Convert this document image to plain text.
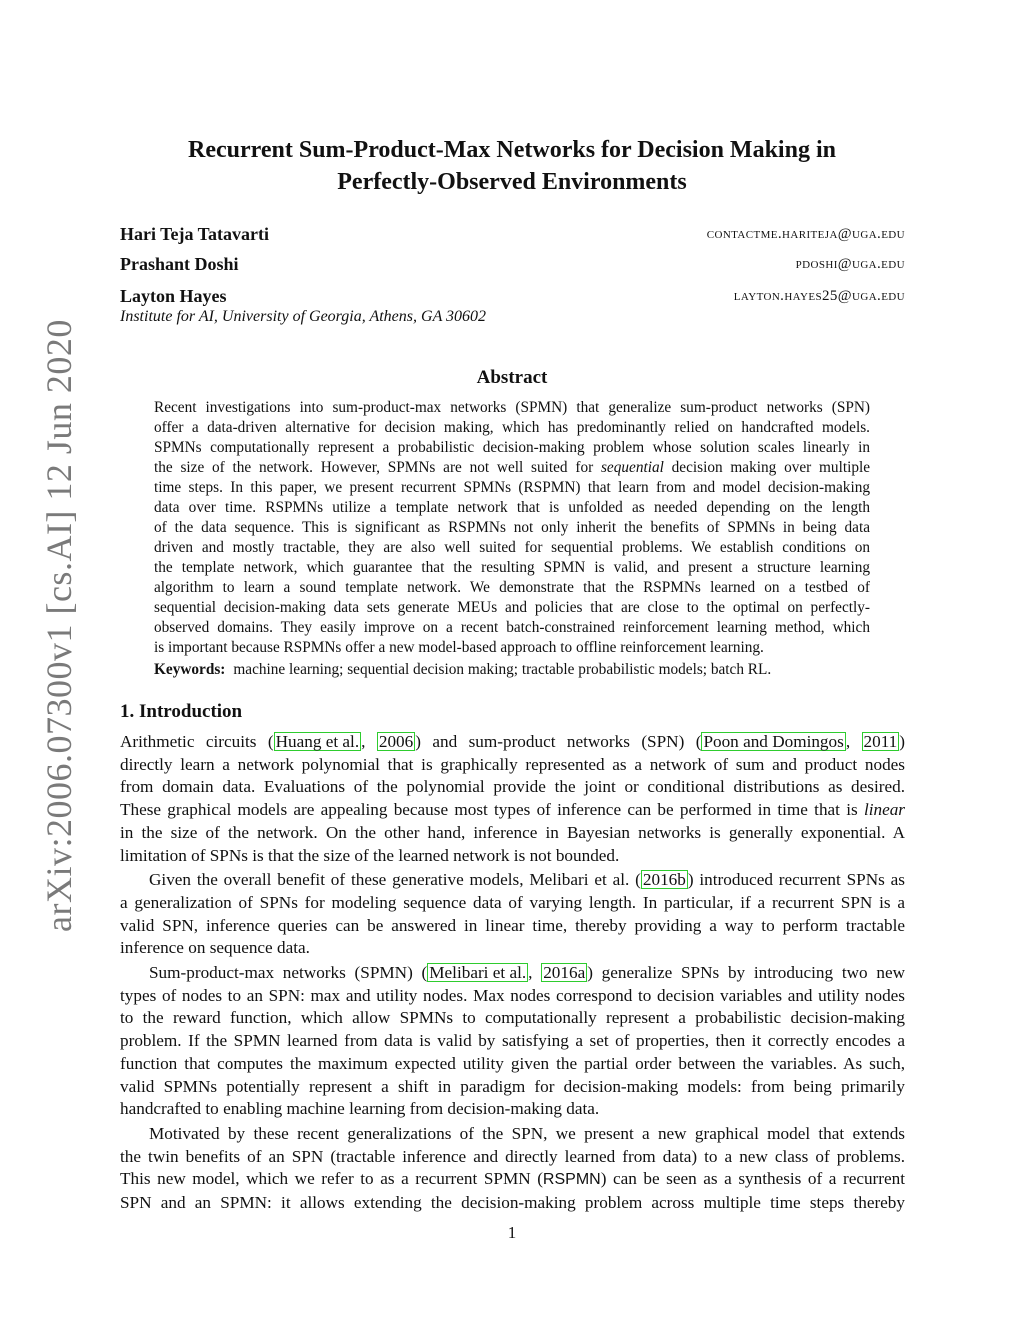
arXiv:2006.07300v1 [cs.AI] 12 Jun 2020
Recurrent Sum-Product-Max Networks for Decision Making in
Perfectly-Observed Environments
Hari Teja Tatavarti	contactme.hariteja@uga.edu
Prashant Doshi	pdoshi@uga.edu
Layton Hayes	layton.hayes25@uga.edu
Institute for AI, University of Georgia, Athens, GA 30602
Abstract
Recent investigations into sum-product-max networks (SPMN) that generalize sum-product networks (SPN)
offer a data-driven alternative for decision making, which has predominantly relied on handcrafted models.
SPMNs computationally represent a probabilistic decision-making problem whose solution scales linearly in
the size of the network. However, SPMNs are not well suited for sequential decision making over multiple
time steps. In this paper, we present recurrent SPMNs (RSPMN) that learn from and model decision-making
data over time. RSPMNs utilize a template network that is unfolded as needed depending on the length
of the data sequence. This is significant as RSPMNs not only inherit the benefits of SPMNs in being data
driven and mostly tractable, they are also well suited for sequential problems. We establish conditions on
the template network, which guarantee that the resulting SPMN is valid, and present a structure learning
algorithm to learn a sound template network. We demonstrate that the RSPMNs learned on a testbed of
sequential decision-making data sets generate MEUs and policies that are close to the optimal on perfectly-
observed domains. They easily improve on a recent batch-constrained reinforcement learning method, which
is important because RSPMNs offer a new model-based approach to offline reinforcement learning.
Keywords: machine learning; sequential decision making; tractable probabilistic models; batch RL.
1. Introduction
Arithmetic circuits ( Huang et al. , 2006 ) and sum-product networks (SPN) ( Poon and Domingos , 2011 )
directly learn a network polynomial that is graphically represented as a network of sum and product nodes
from domain data. Evaluations of the polynomial provide the joint or conditional distributions as desired.
These graphical models are appealing because most types of inference can be performed in time that is linear
in the size of the network. On the other hand, inference in Bayesian networks is generally exponential. A
limitation of SPNs is that the size of the learned network is not bounded.
Given the overall benefit of these generative models, Melibari et al. ( 2016b ) introduced recurrent SPNs as
a generalization of SPNs for modeling sequence data of varying length. In particular, if a recurrent SPN is a
valid SPN, inference queries can be answered in linear time, thereby providing a way to perform tractable
inference on sequence data.
Sum-product-max networks (SPMN) ( Melibari et al. , 2016a ) generalize SPNs by introducing two new
types of nodes to an SPN: max and utility nodes. Max nodes correspond to decision variables and utility nodes
to the reward function, which allow SPMNs to computationally represent a probabilistic decision-making
problem. If the SPMN learned from data is valid by satisfying a set of properties, then it correctly encodes a
function that computes the maximum expected utility given the partial order between the variables. As such,
valid SPMNs potentially represent a shift in paradigm for decision-making models: from being primarily
handcrafted to enabling machine learning from decision-making data.
Motivated by these recent generalizations of the SPN, we present a new graphical model that extends
the twin benefits of an SPN (tractable inference and directly learned from data) to a new class of problems.
This new model, which we refer to as a recurrent SPMN (RSPMN) can be seen as a synthesis of a recurrent
SPN and an SPMN: it allows extending the decision-making problem across multiple time steps thereby
1
